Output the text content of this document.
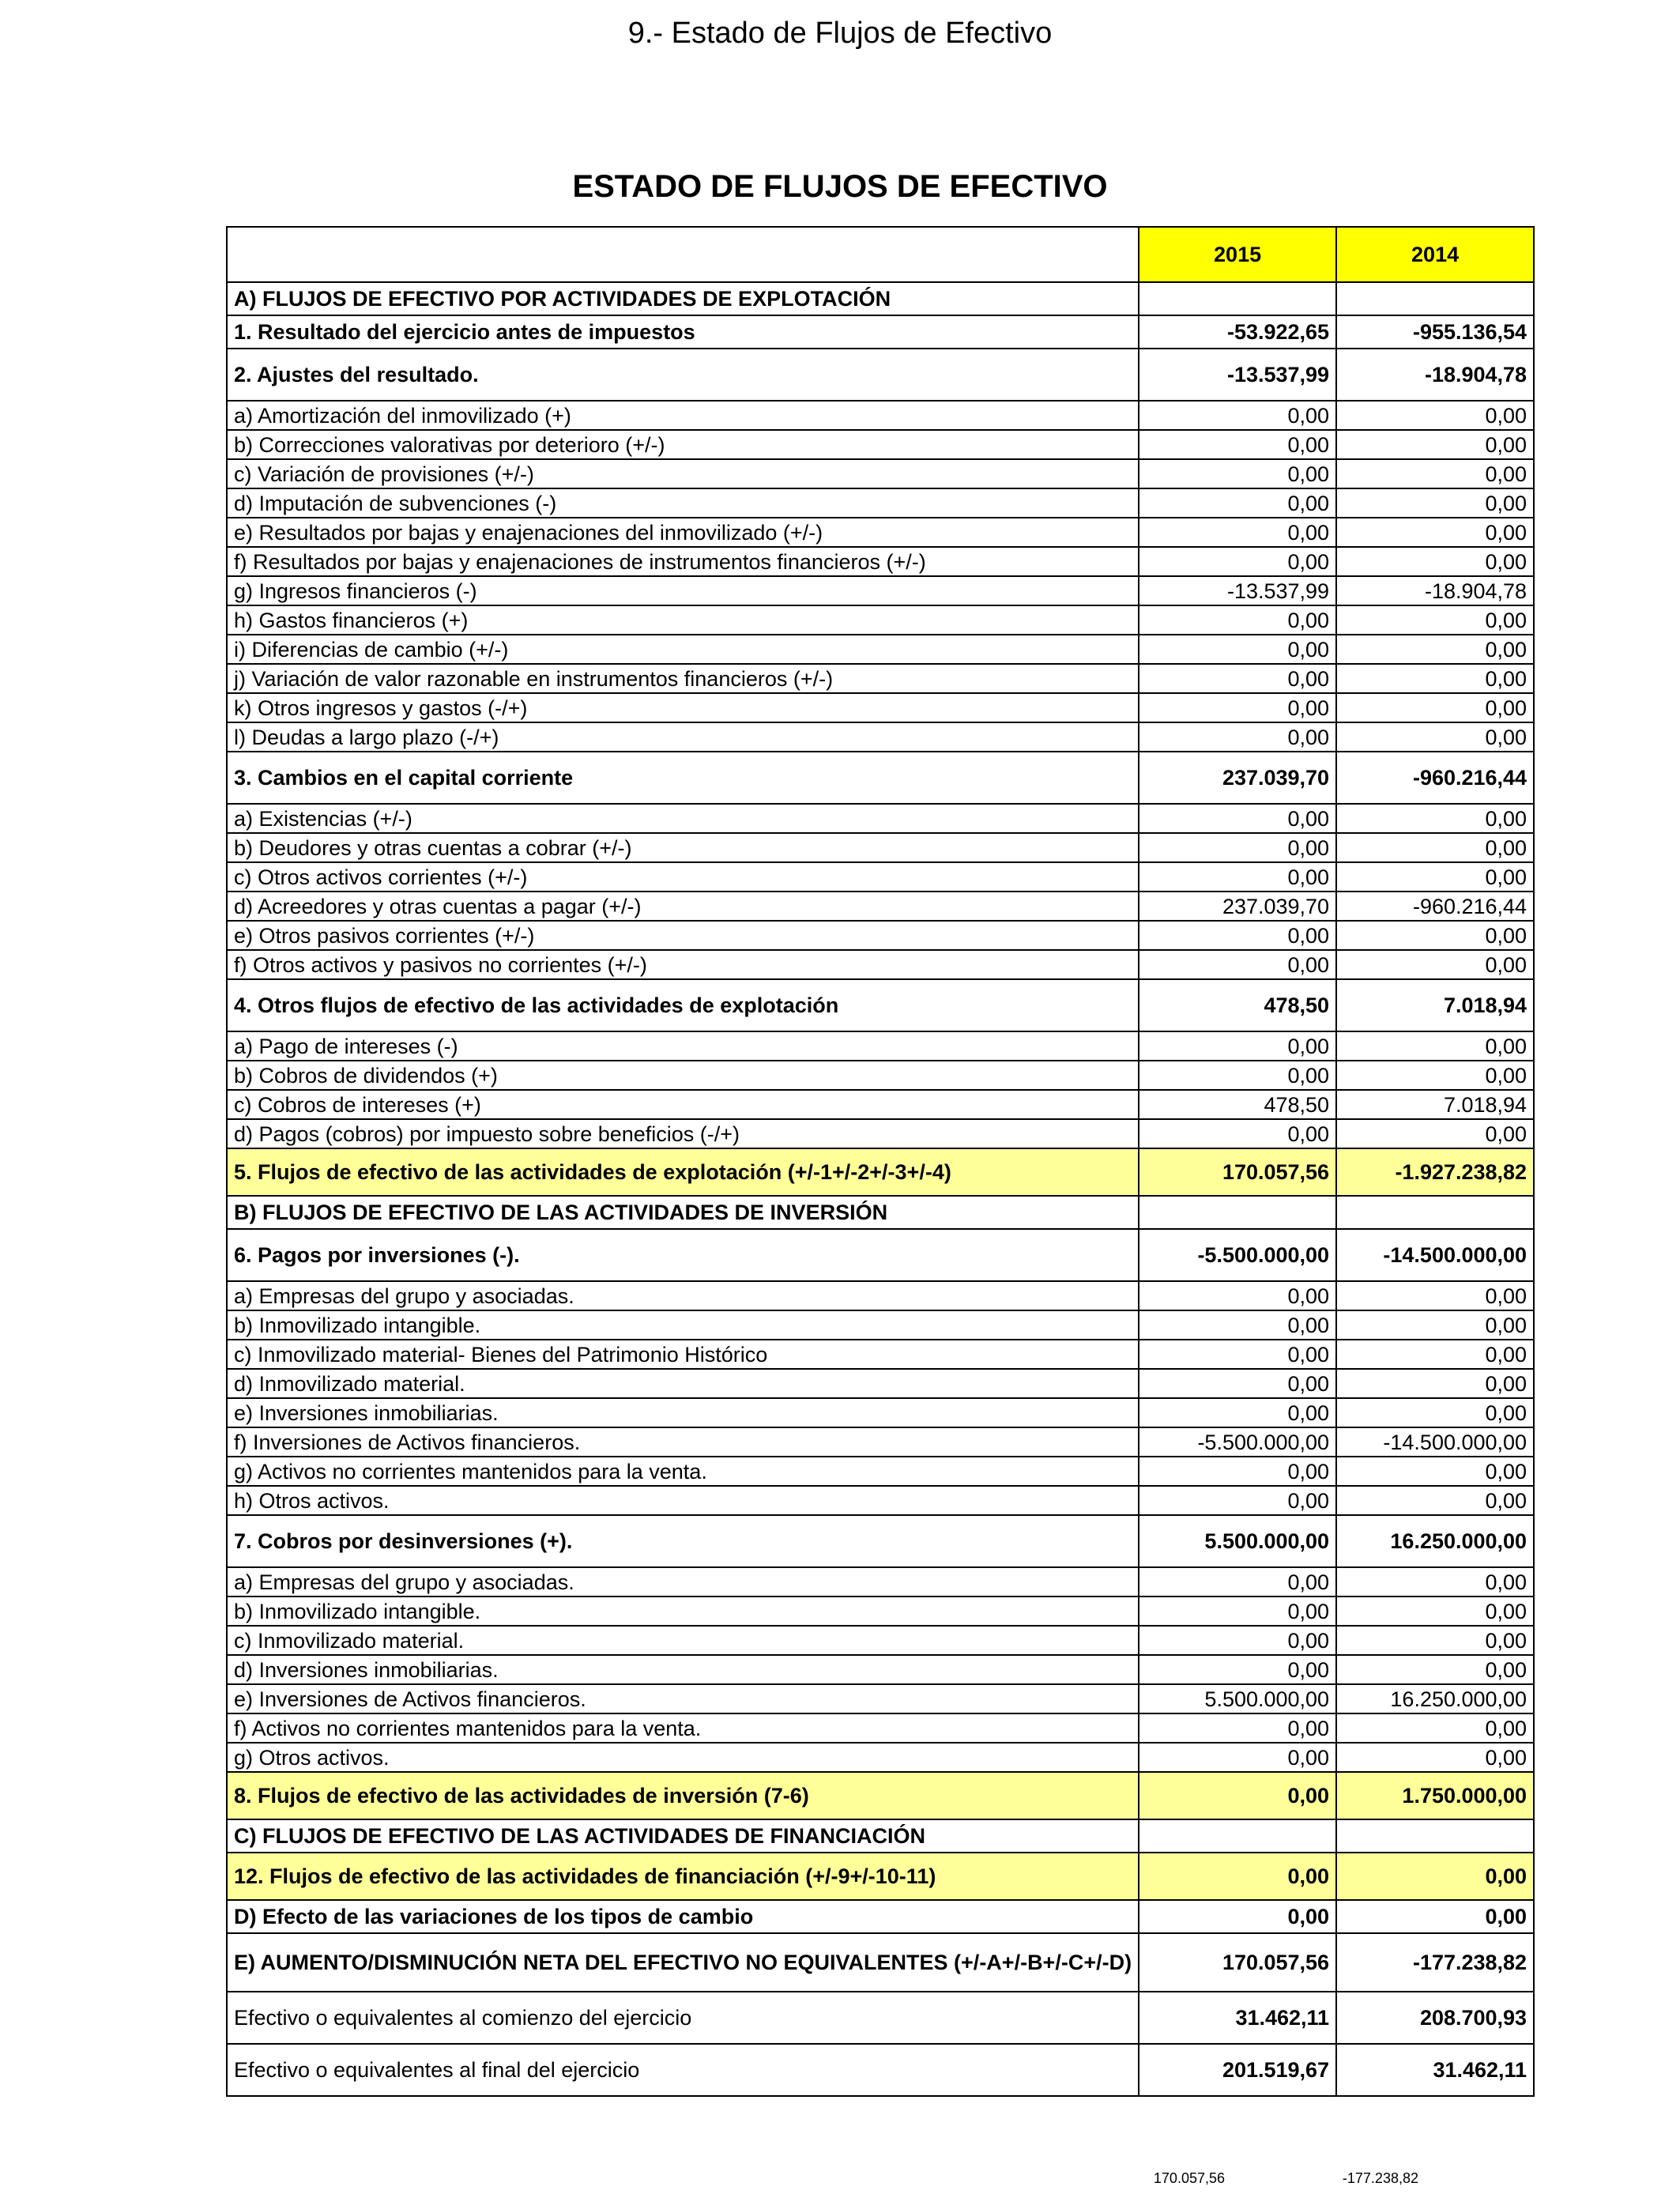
9.- Estado de Flujos de Efectivo
ESTADO DE FLUJOS DE EFECTIVO
	2015	2014
A) FLUJOS DE EFECTIVO POR ACTIVIDADES DE EXPLOTACIÓN		
1. Resultado del ejercicio antes de impuestos	-53.922,65	-955.136,54
2. Ajustes del resultado.	-13.537,99	-18.904,78
a) Amortización del inmovilizado (+)	0,00	0,00
b) Correcciones valorativas por deterioro (+/-)	0,00	0,00
c) Variación de provisiones (+/-)	0,00	0,00
d) Imputación de subvenciones (-)	0,00	0,00
e) Resultados por bajas y enajenaciones del inmovilizado (+/-)	0,00	0,00
f) Resultados por bajas y enajenaciones de instrumentos financieros (+/-)	0,00	0,00
g) Ingresos financieros (-)	-13.537,99	-18.904,78
h) Gastos financieros (+)	0,00	0,00
i) Diferencias de cambio (+/-)	0,00	0,00
j) Variación de valor razonable en instrumentos financieros (+/-)	0,00	0,00
k) Otros ingresos y gastos (-/+)	0,00	0,00
l) Deudas a largo plazo (-/+)	0,00	0,00
3. Cambios en el capital corriente	237.039,70	-960.216,44
a) Existencias (+/-)	0,00	0,00
b) Deudores y otras cuentas a cobrar (+/-)	0,00	0,00
c) Otros activos corrientes (+/-)	0,00	0,00
d) Acreedores y otras cuentas a pagar (+/-)	237.039,70	-960.216,44
e) Otros pasivos corrientes (+/-)	0,00	0,00
f) Otros activos y pasivos no corrientes (+/-)	0,00	0,00
4. Otros flujos de efectivo de las actividades de explotación	478,50	7.018,94
a) Pago de intereses (-)	0,00	0,00
b) Cobros de dividendos (+)	0,00	0,00
c) Cobros de intereses (+)	478,50	7.018,94
d) Pagos (cobros) por impuesto sobre beneficios (-/+)	0,00	0,00
5. Flujos de efectivo de las actividades de explotación (+/-1+/-2+/-3+/-4)	170.057,56	-1.927.238,82
B) FLUJOS DE EFECTIVO DE LAS ACTIVIDADES DE INVERSIÓN		
6. Pagos por inversiones (-).	-5.500.000,00	-14.500.000,00
a) Empresas del grupo y asociadas.	0,00	0,00
b) Inmovilizado intangible.	0,00	0,00
c) Inmovilizado material- Bienes del Patrimonio Histórico	0,00	0,00
d) Inmovilizado material.	0,00	0,00
e) Inversiones inmobiliarias.	0,00	0,00
f) Inversiones de Activos financieros.	-5.500.000,00	-14.500.000,00
g) Activos no corrientes mantenidos para la venta.	0,00	0,00
h) Otros activos.	0,00	0,00
7. Cobros por desinversiones (+).	5.500.000,00	16.250.000,00
a) Empresas del grupo y asociadas.	0,00	0,00
b) Inmovilizado intangible.	0,00	0,00
c) Inmovilizado material.	0,00	0,00
d) Inversiones inmobiliarias.	0,00	0,00
e) Inversiones de Activos financieros.	5.500.000,00	16.250.000,00
f) Activos no corrientes mantenidos para la venta.	0,00	0,00
g) Otros activos.	0,00	0,00
8. Flujos de efectivo de las actividades de inversión (7-6)	0,00	1.750.000,00
C) FLUJOS DE EFECTIVO DE LAS ACTIVIDADES DE FINANCIACIÓN		
12. Flujos de efectivo de las actividades de financiación (+/-9+/-10-11)	0,00	0,00
D) Efecto de las variaciones de los tipos de cambio	0,00	0,00
E) AUMENTO/DISMINUCIÓN NETA DEL EFECTIVO NO EQUIVALENTES (+/-A+/-B+/-C+/-D)	170.057,56	-177.238,82
Efectivo o equivalentes al comienzo del ejercicio	31.462,11	208.700,93
Efectivo o equivalentes al final del ejercicio	201.519,67	31.462,11
170.057,56	-177.238,82
